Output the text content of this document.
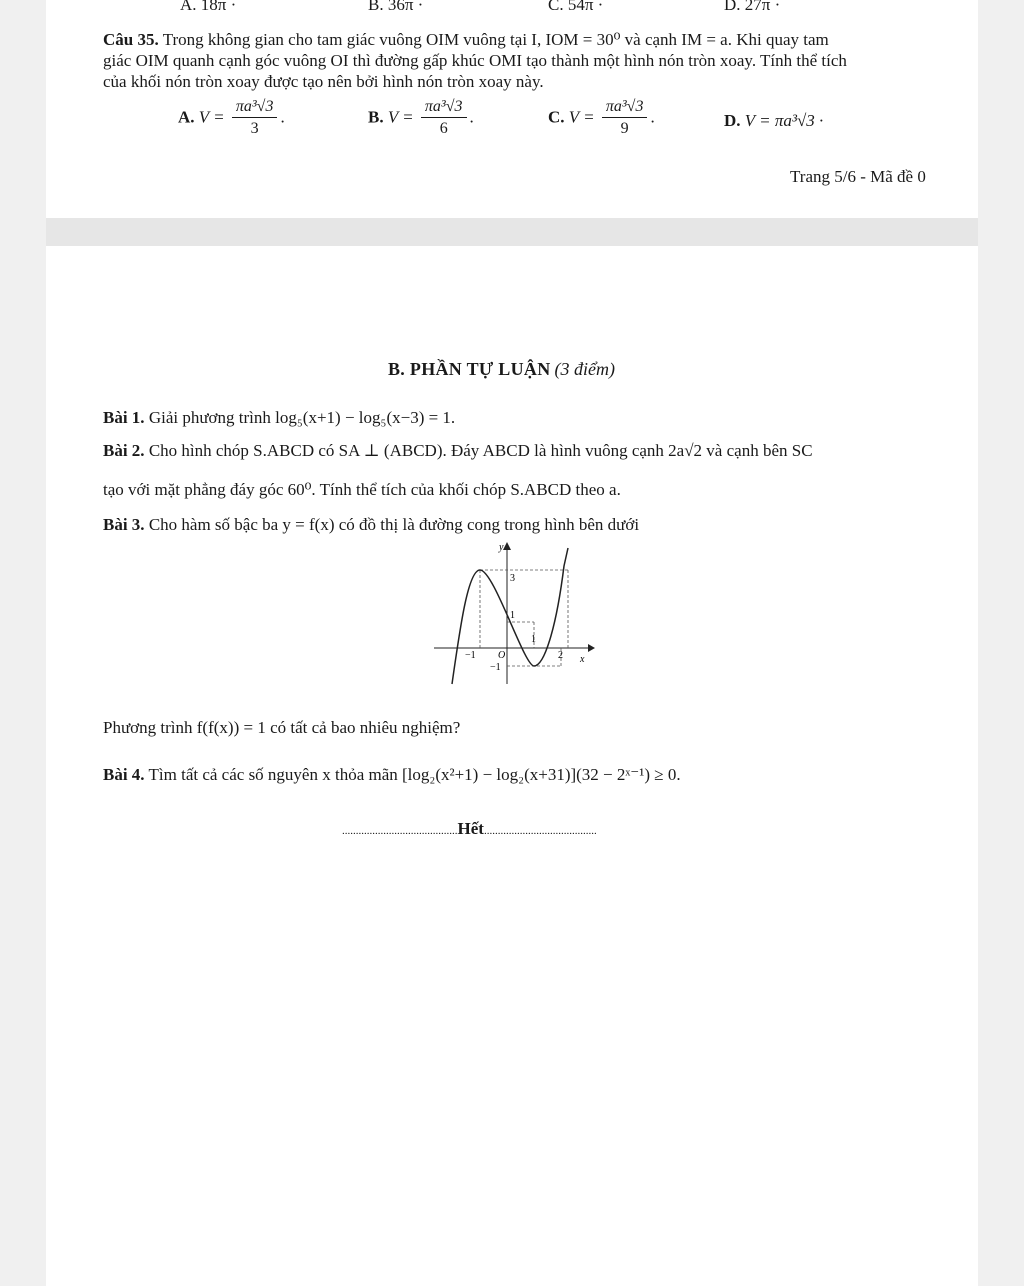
A. 18π ·	B. 36π ·	C. 54π ·	D. 27π ·
Câu 35. Trong không gian cho tam giác vuông OIM vuông tại I, IOM = 30⁰ và cạnh IM = a. Khi quay tam
giác OIM quanh cạnh góc vuông OI thì đường gấp khúc OMI tạo thành một hình nón tròn xoay. Tính thể tích
của khối nón tròn xoay được tạo nên bởi hình nón tròn xoay này.
A. $V = \frac{\text{πa³√3}}{3}$ .	B. $V = \frac{\text{πa³√3}}{6}$ .	C. $V = \frac{\text{πa³√3}}{9}$ .	D. V = πa³√3 ·
Trang 5/6 - Mã đề 0
B. PHẦN TỰ LUẬN (3 điểm)
Bài 1. Giải phương trình log₅(x+1) − log₅(x−3) = 1.
Bài 2. Cho hình chóp S.ABCD có SA ⊥ (ABCD). Đáy ABCD là hình vuông cạnh 2a√2 và cạnh bên SC
tạo với mặt phẳng đáy góc 60⁰. Tính thể tích của khối chóp S.ABCD theo a.
Bài 3. Cho hàm số bậc ba y = f(x) có đồ thị là đường cong trong hình bên dưới
y
x
3
1
1
−1 O	2
−1
Phương trình f(f(x)) = 1 có tất cả bao nhiêu nghiệm?
Bài 4. Tìm tất cả các số nguyên x thỏa mãn [log₂(x²+1) − log₂(x+31)](32 − 2ˣ⁻¹) ≥ 0.
..........................................Hết.........................................
